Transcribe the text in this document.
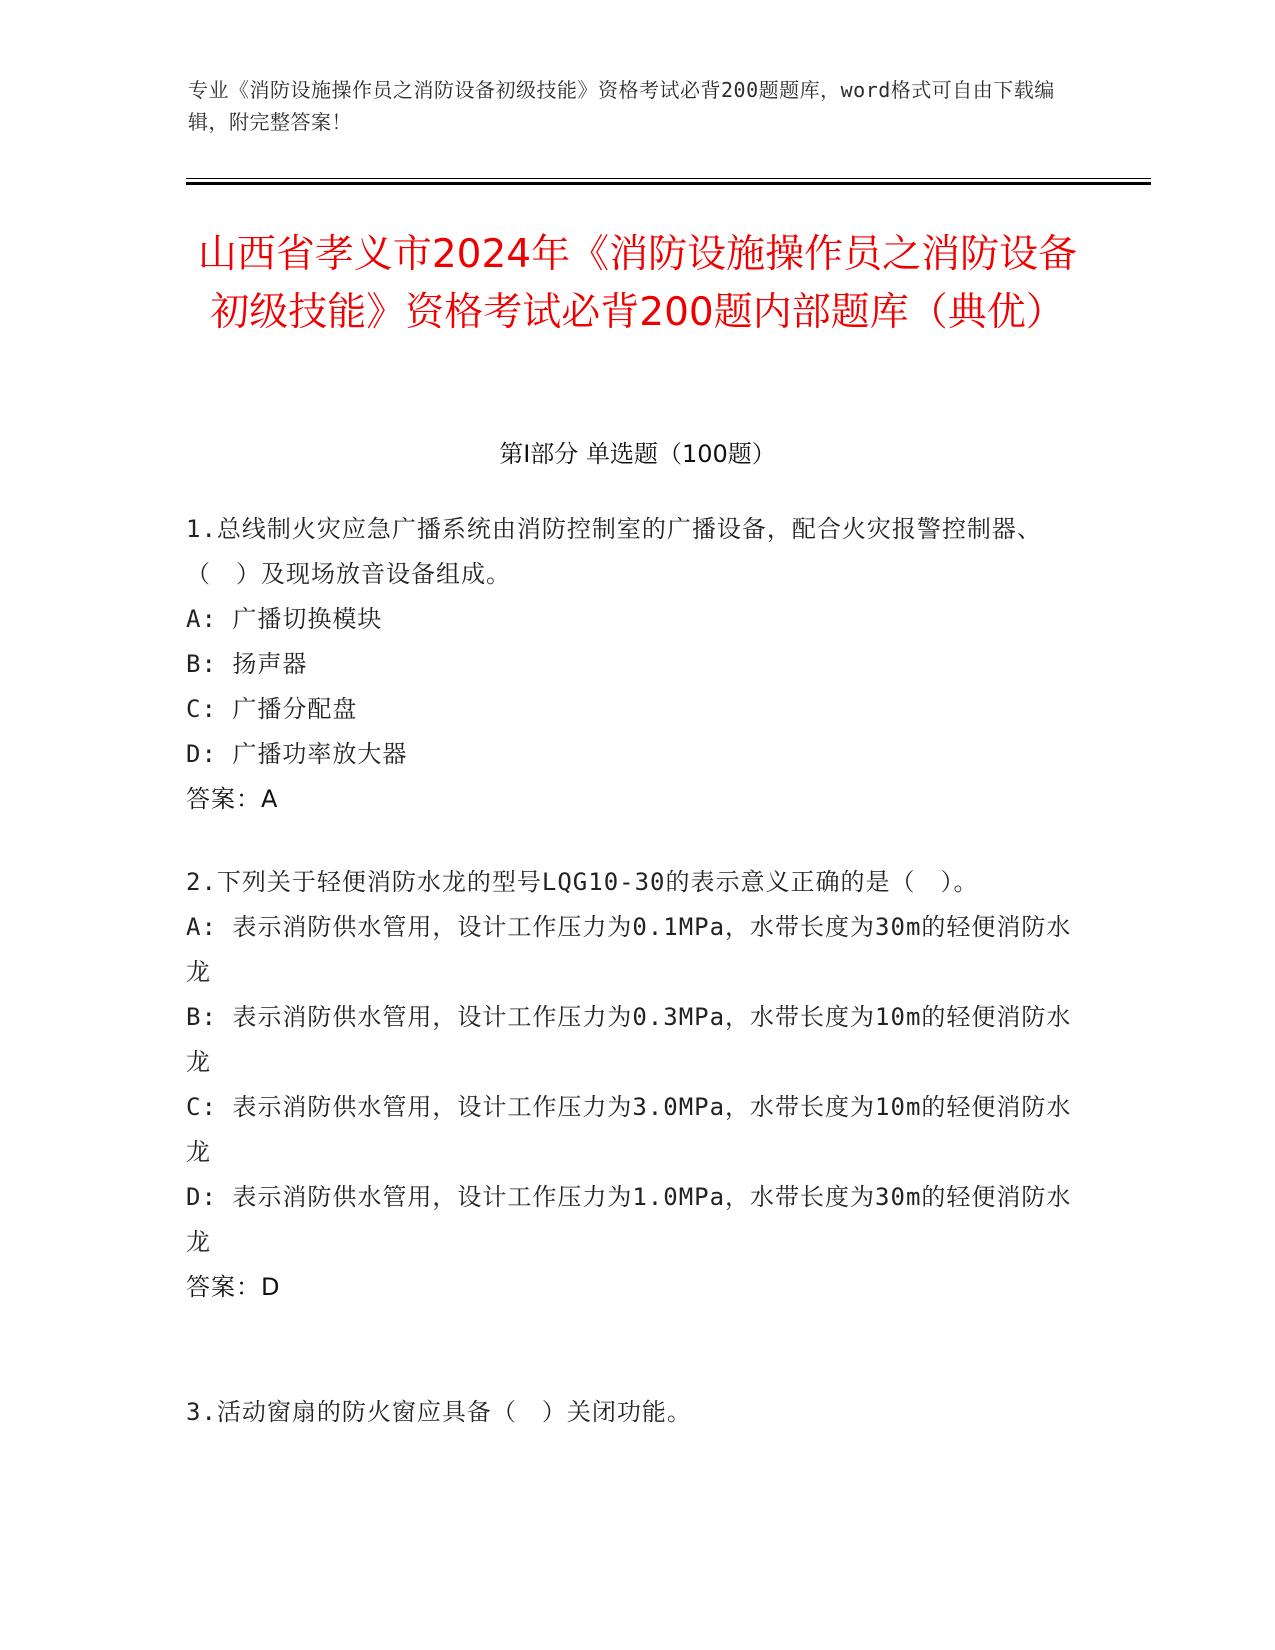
专业《消防设施操作员之消防设备初级技能》资格考试必背200题题库，word格式可自由下载编辑，附完整答案！
山西省孝义市2024年《消防设施操作员之消防设备初级技能》资格考试必背200题内部题库（典优）
第I部分 单选题（100题）

1.总线制火灾应急广播系统由消防控制室的广播设备，配合火灾报警控制器、（　）及现场放音设备组成。

A: 广播切换模块

B: 扬声器

C: 广播分配盘

D: 广播功率放大器

答案：A

2.下列关于轻便消防水龙的型号LQG10-30的表示意义正确的是（　）。

A: 表示消防供水管用，设计工作压力为0.1MPa，水带长度为30m的轻便消防水龙

B: 表示消防供水管用，设计工作压力为0.3MPa，水带长度为10m的轻便消防水龙

C: 表示消防供水管用，设计工作压力为3.0MPa，水带长度为10m的轻便消防水龙

D: 表示消防供水管用，设计工作压力为1.0MPa，水带长度为30m的轻便消防水龙

答案：D

3.活动窗扇的防火窗应具备（　）关闭功能。
